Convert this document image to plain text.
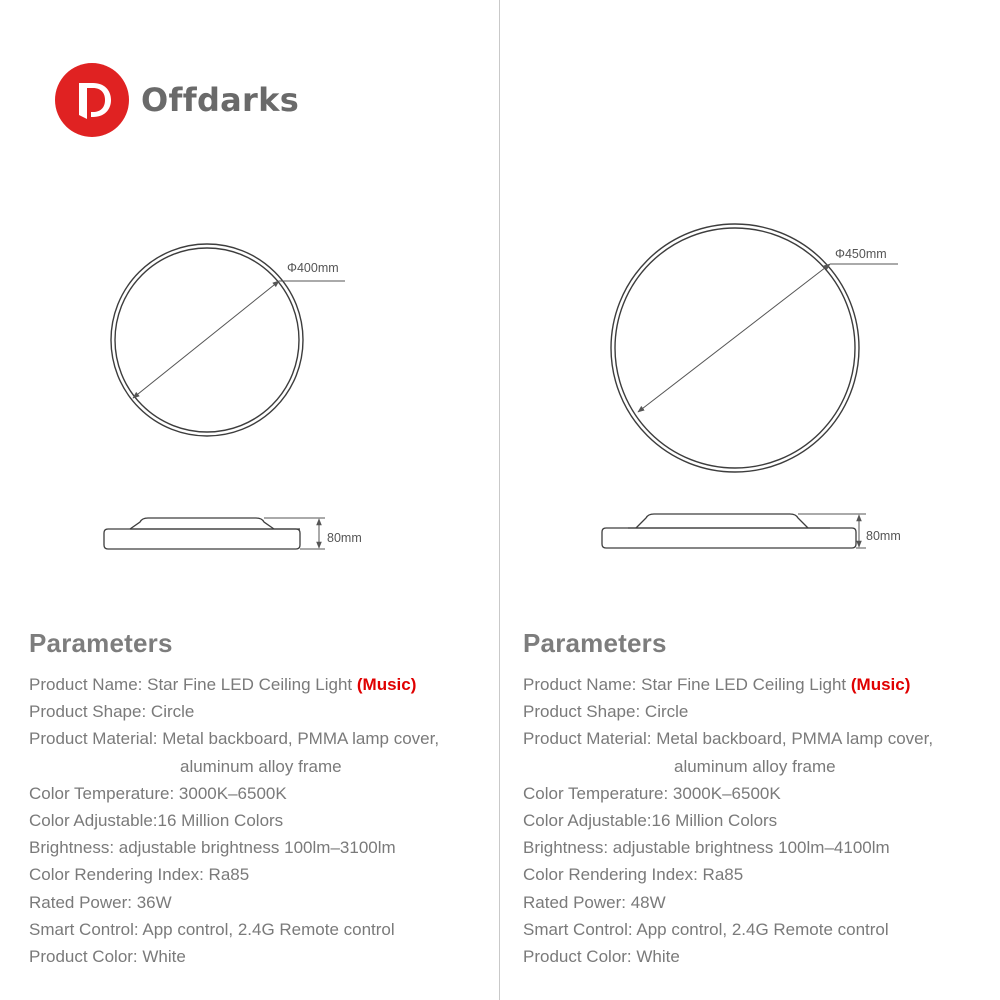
Offdarks
Φ400mm
80mm
Φ450mm
80mm
Parameters
Product Name: Star Fine LED Ceiling Light (Music)
Product Shape: Circle
Product Material: Metal backboard, PMMA lamp cover,
aluminum alloy frame
Color Temperature: 3000K–6500K
Color Adjustable:16 Million Colors
Brightness: adjustable brightness 100lm–3100lm
Color Rendering Index: Ra85
Rated Power: 36W
Smart Control: App control, 2.4G Remote control
Product Color: White
Parameters
Product Name: Star Fine LED Ceiling Light (Music)
Product Shape: Circle
Product Material: Metal backboard, PMMA lamp cover,
aluminum alloy frame
Color Temperature: 3000K–6500K
Color Adjustable:16 Million Colors
Brightness: adjustable brightness 100lm–4100lm
Color Rendering Index: Ra85
Rated Power: 48W
Smart Control: App control, 2.4G Remote control
Product Color: White
